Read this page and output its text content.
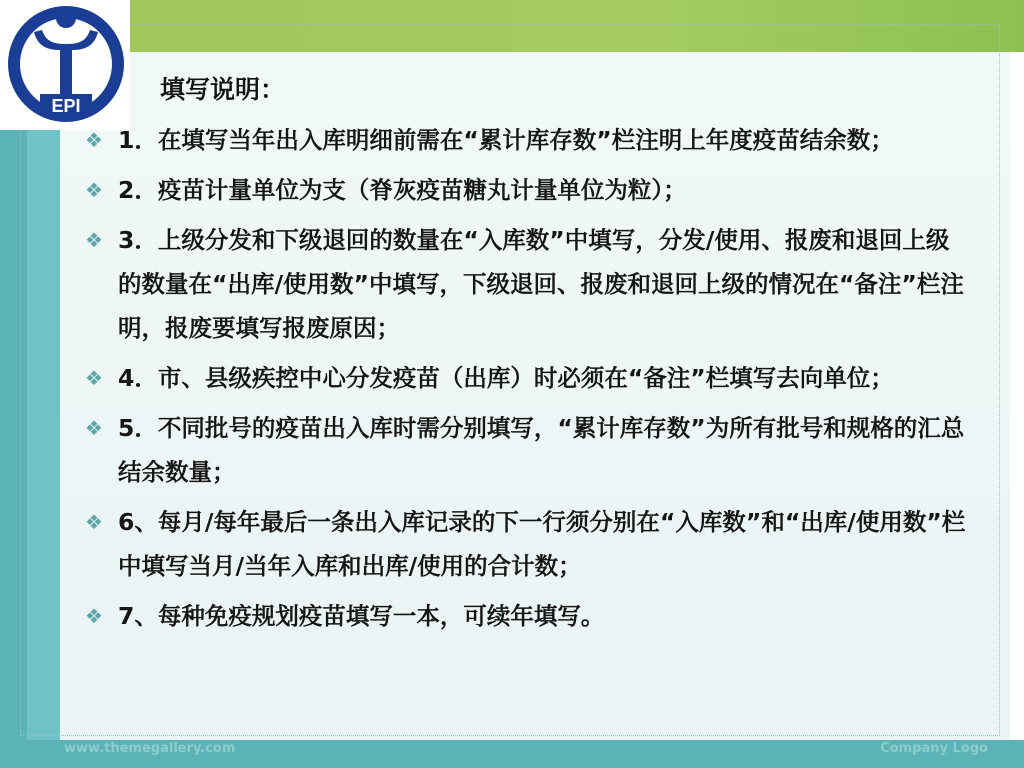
EPI
填写说明：
❖ 1．在填写当年出入库明细前需在“累计库存数”栏注明上年度疫苗结余数；
❖ 2．疫苗计量单位为支（脊灰疫苗糖丸计量单位为粒）；
❖ 3．上级分发和下级退回的数量在“入库数”中填写，分发/使用、报废和退回上级的数量在“出库/使用数”中填写，下级退回、报废和退回上级的情况在“备注”栏注明，报废要填写报废原因；
❖ 4．市、县级疾控中心分发疫苗（出库）时必须在“备注”栏填写去向单位；
❖ 5．不同批号的疫苗出入库时需分别填写，“累计库存数”为所有批号和规格的汇总结余数量；
❖ 6、每月/每年最后一条出入库记录的下一行须分别在“入库数”和“出库/使用数”栏中填写当月/当年入库和出库/使用的合计数；
❖ 7、每种免疫规划疫苗填写一本，可续年填写。
www.themegallery.com	Company Logo
